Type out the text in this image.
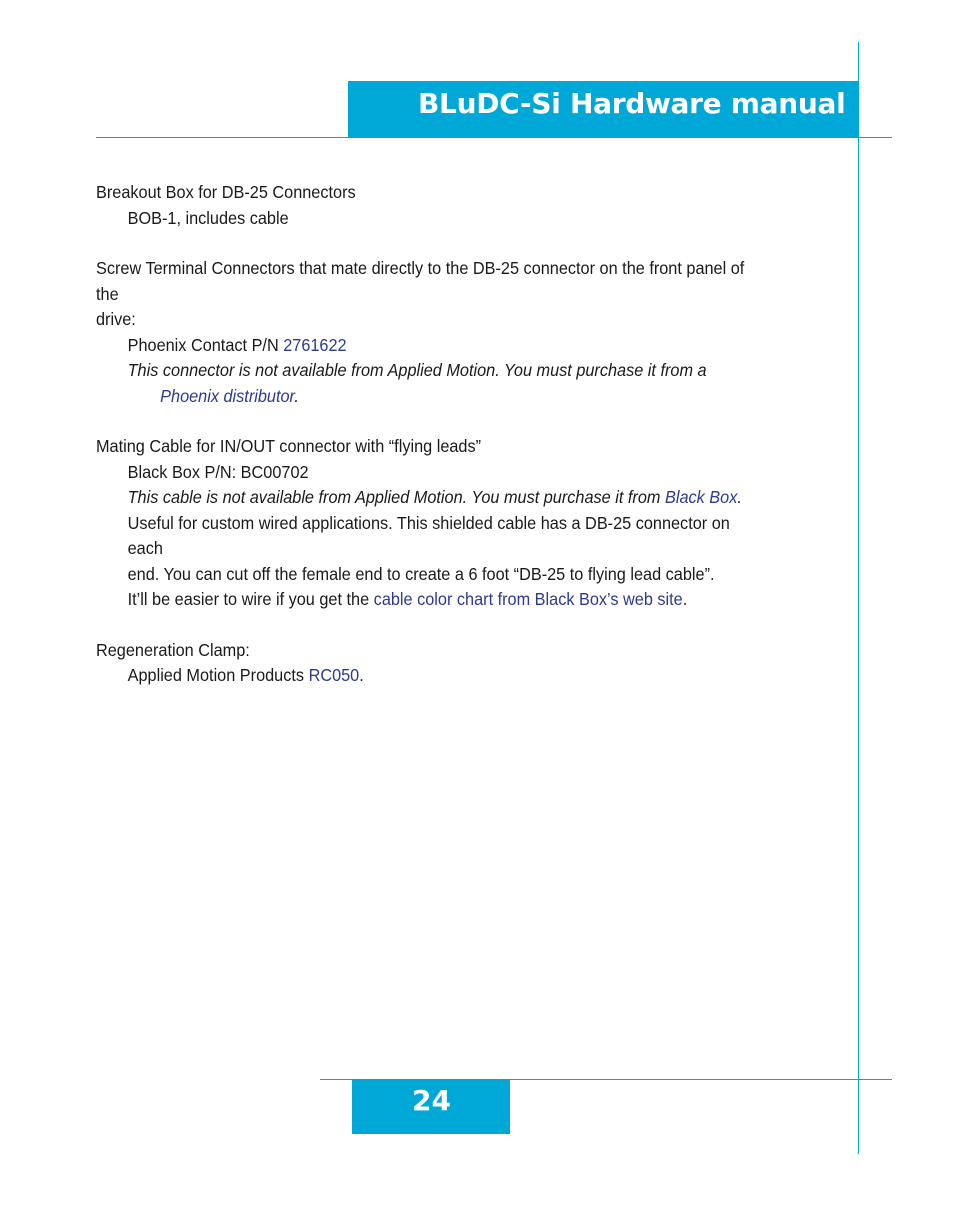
BLuDC-Si Hardware manual

Breakout Box for DB-25 Connectors

BOB-1, includes cable

Screw Terminal Connectors that mate directly to the DB-25 connector on the front panel of the

drive:

Phoenix Contact P/N 2761622

This connector is not available from Applied Motion. You must purchase it from a

Phoenix distributor.

Mating Cable for IN/OUT connector with “flying leads”

Black Box P/N: BC00702

This cable is not available from Applied Motion. You must purchase it from Black Box.

Useful for custom wired applications. This shielded cable has a DB-25 connector on each

end. You can cut off the female end to create a 6 foot “DB-25 to flying lead cable”.

It’ll be easier to wire if you get the cable color chart from Black Box’s web site.

Regeneration Clamp:

Applied Motion Products RC050.

24
